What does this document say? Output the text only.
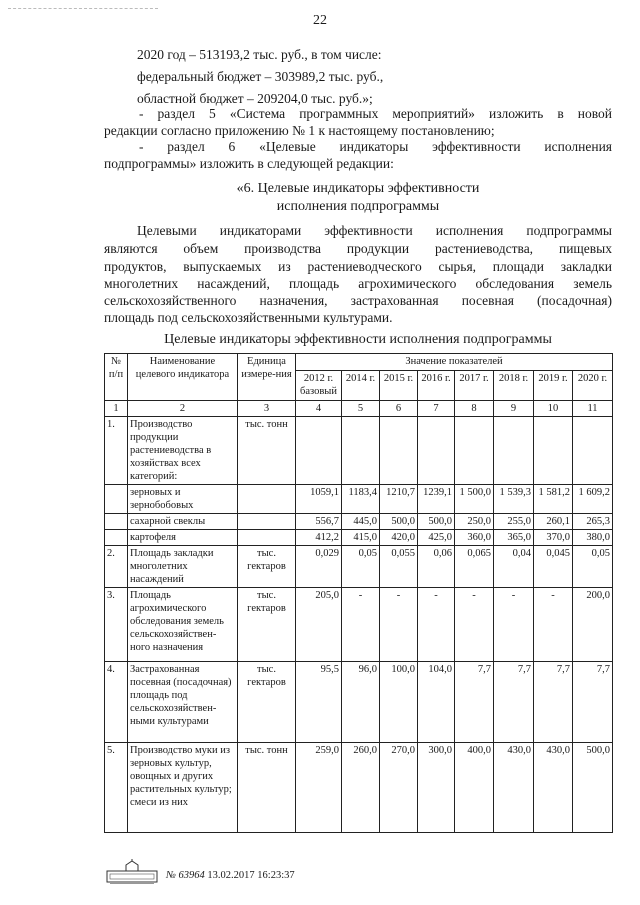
22
2020 год – 513193,2 тыс. руб., в том числе:
федеральный бюджет – 303989,2 тыс. руб.,
областной бюджет – 209204,0 тыс. руб.»;
- раздел 5 «Система программных мероприятий» изложить в новой
редакции согласно приложению № 1 к настоящему постановлению;
- раздел 6 «Целевые индикаторы эффективности исполнения
подпрограммы» изложить в следующей редакции:
«6. Целевые индикаторы эффективности
исполнения подпрограммы
Целевыми индикаторами эффективности исполнения подпрограммы
являются объем производства продукции растениеводства, пищевых
продуктов, выпускаемых из растениеводческого сырья, площади закладки
многолетних насаждений, площадь агрохимического обследования земель
сельскохозяйственного назначения, застрахованная посевная (посадочная)
площадь под сельскохозяйственными культурами.
Целевые индикаторы эффективности исполнения подпрограммы
№ п/п	Наименование целевого индикатора	Единица измере-ния	Значение показателей							
			2012 г. базовый	2014 г.	2015 г.	2016 г.	2017 г.	2018 г.	2019 г.	2020 г.
1	2	3	4	5	6	7	8	9	10	11
1.	Производство продукции растениеводства в хозяйствах всех категорий:	тыс. тонн								
	зерновых и зернобобовых		1059,1	1183,4	1210,7	1239,1	1 500,0	1 539,3	1 581,2	1 609,2
	сахарной свеклы		556,7	445,0	500,0	500,0	250,0	255,0	260,1	265,3
	картофеля		412,2	415,0	420,0	425,0	360,0	365,0	370,0	380,0
2.	Площадь закладки многолетних насаждений	тыс. гектаров	0,029	0,05	0,055	0,06	0,065	0,04	0,045	0,05
3.	Площадь агрохимического обследования земель сельскохозяйствен-ного назначения	тыс. гектаров	205,0	-	-	-	-	-	-	200,0
4.	Застрахованная посевная (посадочная) площадь под сельскохозяйствен-ными культурами	тыс. гектаров	95,5	96,0	100,0	104,0	7,7	7,7	7,7	7,7
5.	Производство муки из зерновых культур, овощных и других растительных культур; смеси из них	тыс. тонн	259,0	260,0	270,0	300,0	400,0	430,0	430,0	500,0
№ 63964 13.02.2017 16:23:37
